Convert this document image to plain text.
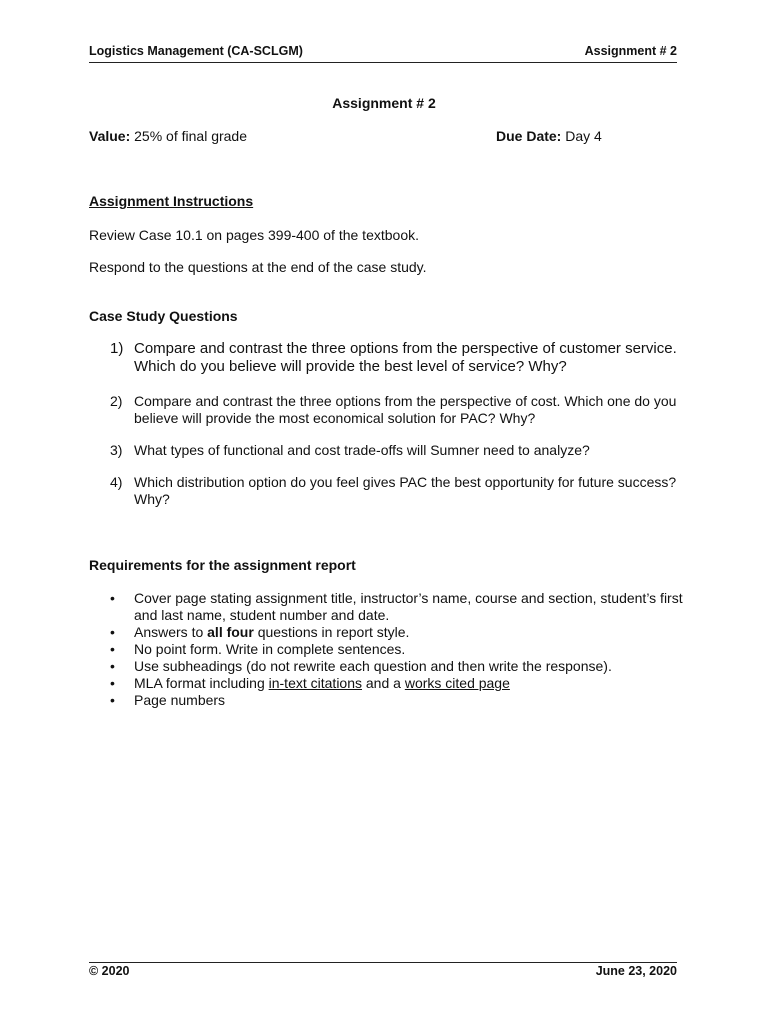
Logistics Management (CA-SCLGM)	Assignment # 2
Assignment # 2
Value: 25% of final grade	Due Date: Day 4
Assignment Instructions
Review Case 10.1 on pages 399-400 of the textbook.
Respond to the questions at the end of the case study.
Case Study Questions
1) Compare and contrast the three options from the perspective of customer service. Which do you believe will provide the best level of service? Why?
2) Compare and contrast the three options from the perspective of cost. Which one do you believe will provide the most economical solution for PAC? Why?
3) What types of functional and cost trade-offs will Sumner need to analyze?
4) Which distribution option do you feel gives PAC the best opportunity for future success? Why?
Requirements for the assignment report
• Cover page stating assignment title, instructor’s name, course and section, student’s first and last name, student number and date.
• Answers to all four questions in report style.
• No point form. Write in complete sentences.
• Use subheadings (do not rewrite each question and then write the response).
• MLA format including in-text citations and a works cited page
• Page numbers
© 2020	June 23, 2020
